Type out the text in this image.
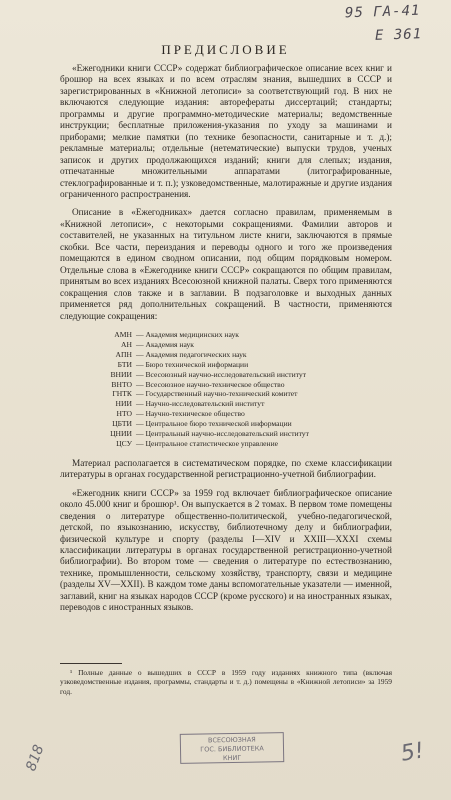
95 ГА-41
Е 361
ПРЕДИСЛОВИЕ

«Ежегодники книги СССР» содержат библиографическое описание всех книг и брошюр на всех языках и по всем отраслям знания, вышедших в СССР и зарегистрированных в «Книжной летописи» за соответствующий год. В них не включаются следующие издания: авторефераты диссертаций; стандарты; программы и другие программно-методические материалы; ведомственные инструкции; бесплатные приложения-указания по уходу за машинами и приборами; мелкие памятки (по технике безопасности, санитарные и т. д.); рекламные материалы; отдельные (нетематические) выпуски трудов, ученых записок и других продолжающихся изданий; книги для слепых; издания, отпечатанные множительными аппаратами (литографированные, стеклографированные и т. п.); узковедомственные, малотиражные и другие издания ограниченного распространения.

Описание в «Ежегодниках» дается согласно правилам, применяемым в «Книжной летописи», с некоторыми сокращениями. Фамилии авторов и составителей, не указанных на титульном листе книги, заключаются в прямые скобки. Все части, переиздания и переводы одного и того же произведения помещаются в едином сводном описании, под общим порядковым номером. Отдельные слова в «Ежегоднике книги СССР» сокращаются по общим правилам, принятым во всех изданиях Всесоюзной книжной палаты. Сверх того применяются сокращения слов также и в заглавии. В подзаголовке и выходных данных применяется ряд дополнительных сокращений. В частности, применяются следующие сокращения:

АМН — Академия медицинских наук
АН — Академия наук
АПН — Академия педагогических наук
БТИ — Бюро технической информации
ВНИИ — Всесоюзный научно-исследовательский институт
ВНТО — Всесоюзное научно-техническое общество
ГНТК — Государственный научно-технический комитет
НИИ — Научно-исследовательский институт
НТО — Научно-техническое общество
ЦБТИ — Центральное бюро технической информации
ЦНИИ — Центральный научно-исследовательский институт
ЦСУ — Центральное статистическое управление

Материал располагается в систематическом порядке, по схеме классификации литературы в органах государственной регистрационно-учетной библиографии.

«Ежегодник книги СССР» за 1959 год включает библиографическое описание около 45.000 книг и брошюр¹. Он выпускается в 2 томах. В первом томе помещены сведения о литературе общественно-политической, учебно-педагогической, детской, по языкознанию, искусству, библиотечному делу и библиографии, физической культуре и спорту (разделы I—XIV и XXIII—XXXI схемы классификации литературы в органах государственной регистрационно-учетной библиографии). Во втором томе — сведения о литературе по естествознанию, технике, промышленности, сельскому хозяйству, транспорту, связи и медицине (разделы XV—XXII). В каждом томе даны вспомогательные указатели — именной, заглавий, книг на языках народов СССР (кроме русского) и на иностранных языках, переводов с иностранных языков.

¹ Полные данные о вышедших в СССР в 1959 году изданиях книжного типа (включая узковедомственные издания, программы, стандарты и т. д.) помещены в «Книжной летописи» за 1959 год.
ВСЕСОЮЗНАЯ
ГОС. БИБЛИОТЕКА
КНИГ
818	5!
